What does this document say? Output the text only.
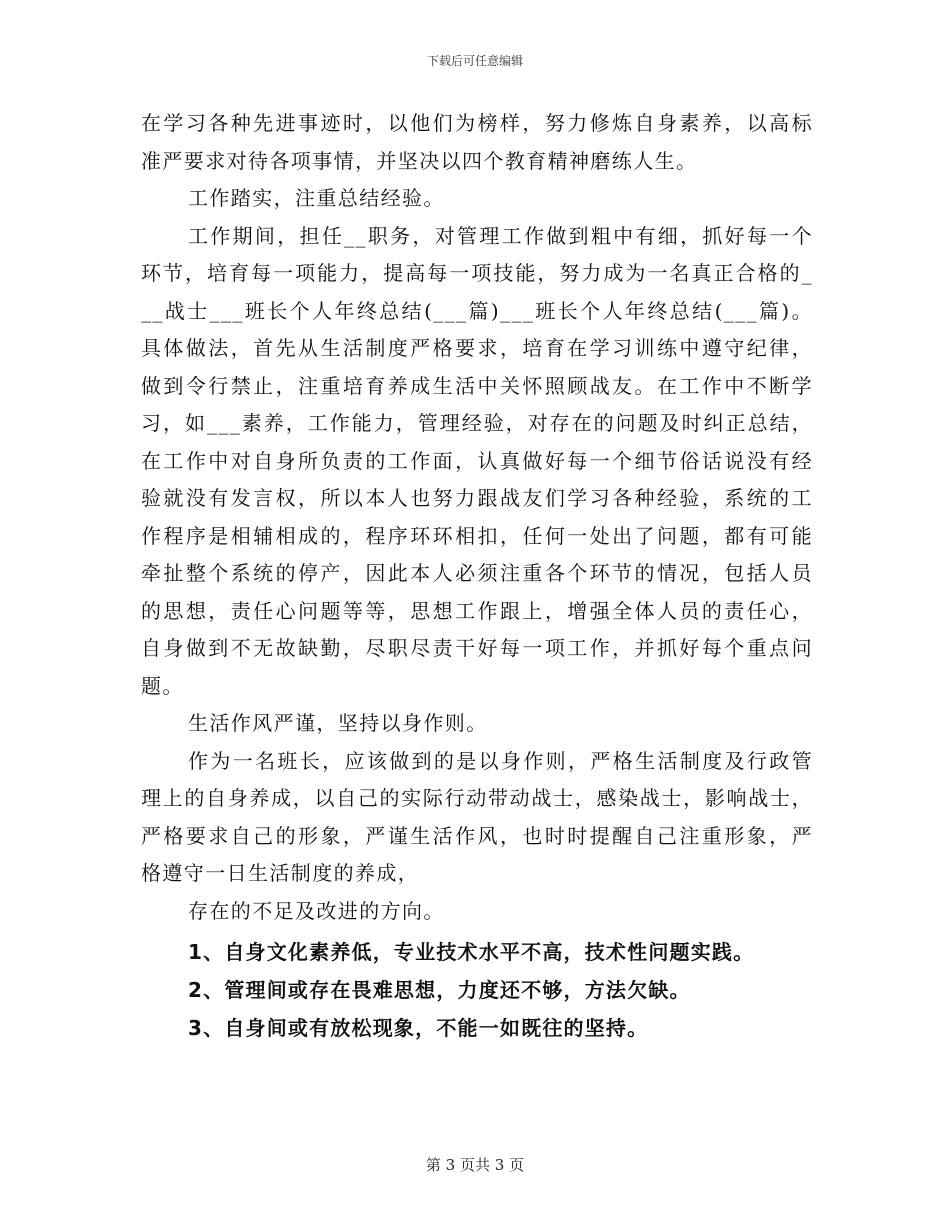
下载后可任意编辑
在学习各种先进事迹时，以他们为榜样，努力修炼自身素养，以高标
准严要求对待各项事情，并坚决以四个教育精神磨练人生。
工作踏实，注重总结经验。
工作期间，担任__职务，对管理工作做到粗中有细，抓好每一个
环节，培育每一项能力，提高每一项技能，努力成为一名真正合格的_
__战士___班长个人年终总结(___篇)___班长个人年终总结(___篇)。
具体做法，首先从生活制度严格要求，培育在学习训练中遵守纪律，
做到令行禁止，注重培育养成生活中关怀照顾战友。在工作中不断学
习，如___素养，工作能力，管理经验，对存在的问题及时纠正总结，
在工作中对自身所负责的工作面，认真做好每一个细节俗话说没有经
验就没有发言权，所以本人也努力跟战友们学习各种经验，系统的工
作程序是相辅相成的，程序环环相扣，任何一处出了问题，都有可能
牵扯整个系统的停产，因此本人必须注重各个环节的情况，包括人员
的思想，责任心问题等等，思想工作跟上，增强全体人员的责任心，
自身做到不无故缺勤，尽职尽责干好每一项工作，并抓好每个重点问
题。
生活作风严谨，坚持以身作则。
作为一名班长，应该做到的是以身作则，严格生活制度及行政管
理上的自身养成，以自己的实际行动带动战士，感染战士，影响战士，
严格要求自己的形象，严谨生活作风，也时时提醒自己注重形象，严
格遵守一日生活制度的养成，
存在的不足及改进的方向。
1、自身文化素养低，专业技术水平不高，技术性问题实践。
2、管理间或存在畏难思想，力度还不够，方法欠缺。
3、自身间或有放松现象，不能一如既往的坚持。
第 3 页共 3 页
